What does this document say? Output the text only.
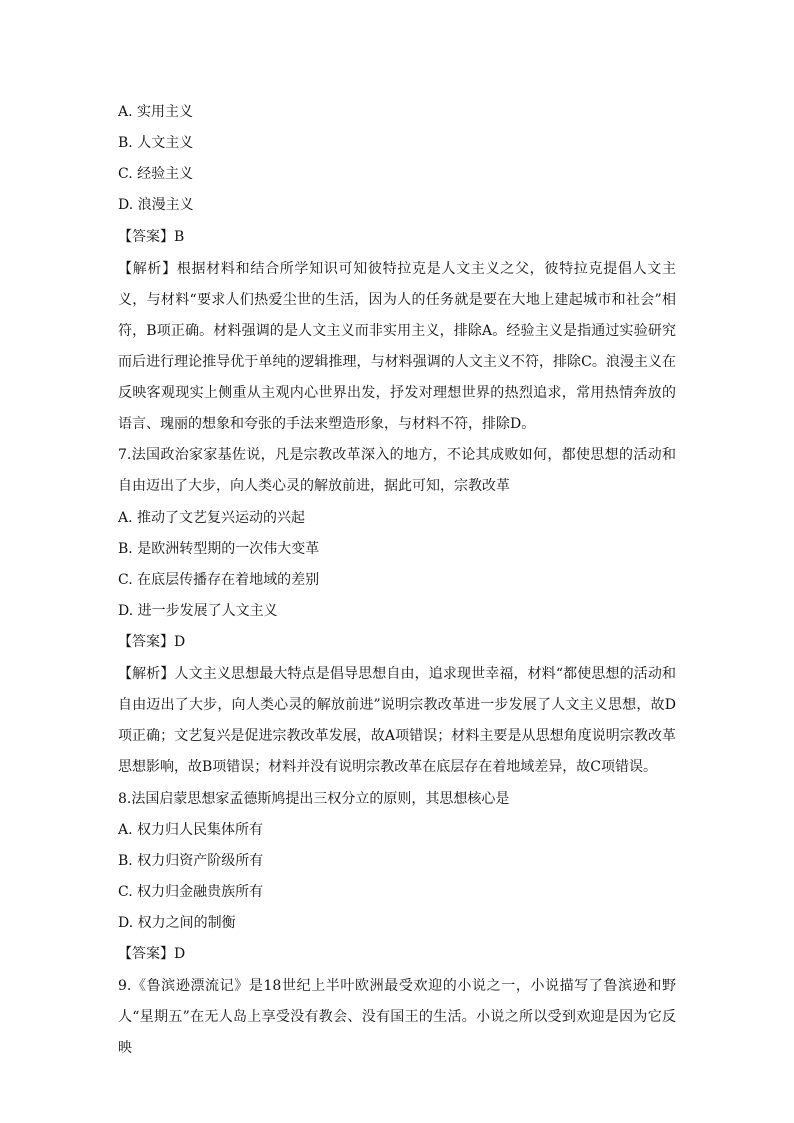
A. 实用主义
B. 人文主义
C. 经验主义
D. 浪漫主义
【答案】B
【解析】根据材料和结合所学知识可知彼特拉克是人文主义之父，彼特拉克提倡人文主义，与材料“要求人们热爱尘世的生活，因为人的任务就是要在大地上建起城市和社会”相符，B项正确。材料强调的是人文主义而非实用主义，排除A。经验主义是指通过实验研究而后进行理论推导优于单纯的逻辑推理，与材料强调的人文主义不符，排除C。浪漫主义在反映客观现实上侧重从主观内心世界出发，抒发对理想世界的热烈追求，常用热情奔放的语言、瑰丽的想象和夸张的手法来塑造形象，与材料不符，排除D。
7.法国政治家家基佐说，凡是宗教改革深入的地方，不论其成败如何，都使思想的活动和自由迈出了大步，向人类心灵的解放前进，据此可知，宗教改革
A. 推动了文艺复兴运动的兴起
B. 是欧洲转型期的一次伟大变革
C. 在底层传播存在着地域的差别
D. 进一步发展了人文主义
【答案】D
【解析】人文主义思想最大特点是倡导思想自由，追求现世幸福，材料“都使思想的活动和自由迈出了大步，向人类心灵的解放前进”说明宗教改革进一步发展了人文主义思想，故D项正确；文艺复兴是促进宗教改革发展，故A项错误；材料主要是从思想角度说明宗教改革思想影响，故B项错误；材料并没有说明宗教改革在底层存在着地域差异，故C项错误。
8.法国启蒙思想家孟德斯鸠提出三权分立的原则，其思想核心是
A. 权力归人民集体所有
B. 权力归资产阶级所有
C. 权力归金融贵族所有
D. 权力之间的制衡
【答案】D
9.《鲁滨逊漂流记》是18世纪上半叶欧洲最受欢迎的小说之一，小说描写了鲁滨逊和野人“星期五”在无人岛上享受没有教会、没有国王的生活。小说之所以受到欢迎是因为它反映
